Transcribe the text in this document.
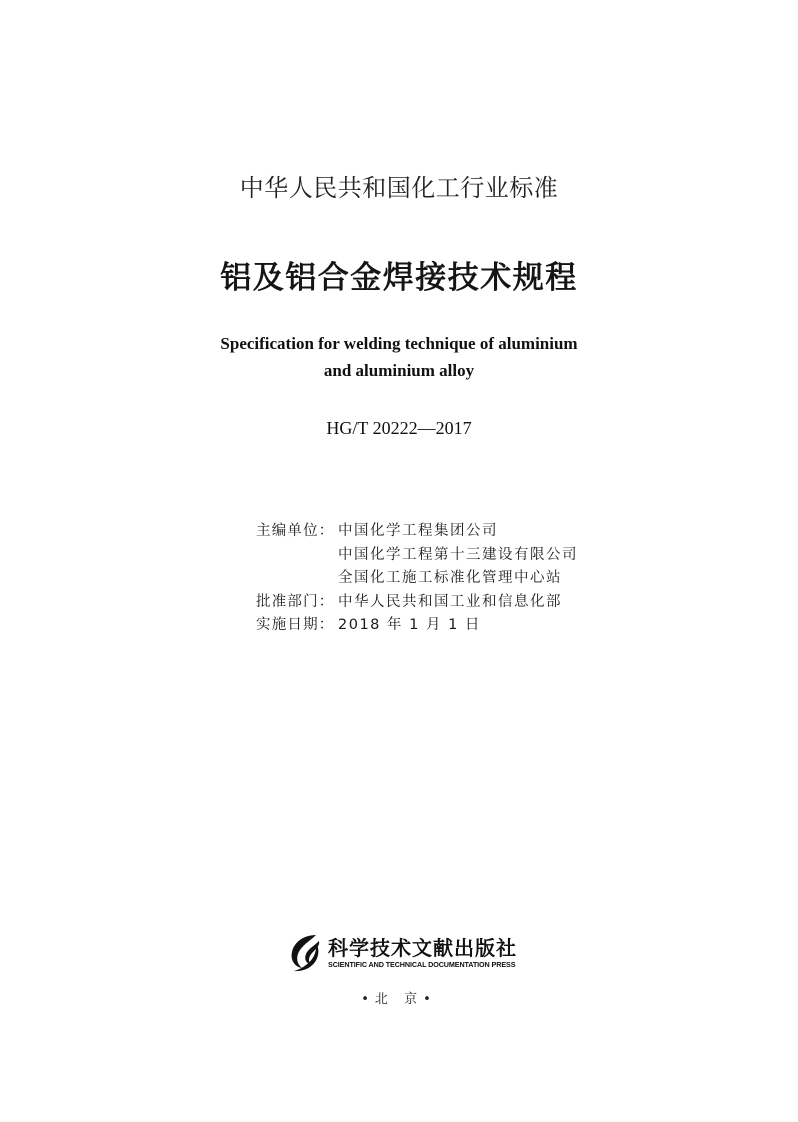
中华人民共和国化工行业标准
铝及铝合金焊接技术规程
Specification for welding technique of aluminium
and aluminium alloy
HG/T 20222—2017
主编单位： 中国化学工程集团公司
中国化学工程第十三建设有限公司
全国化工施工标准化管理中心站
批准部门： 中华人民共和国工业和信息化部
实施日期： 2018 年 1 月 1 日
科学技术文献出版社
SCIENTIFIC AND TECHNICAL DOCUMENTATION PRESS
•北 京•
